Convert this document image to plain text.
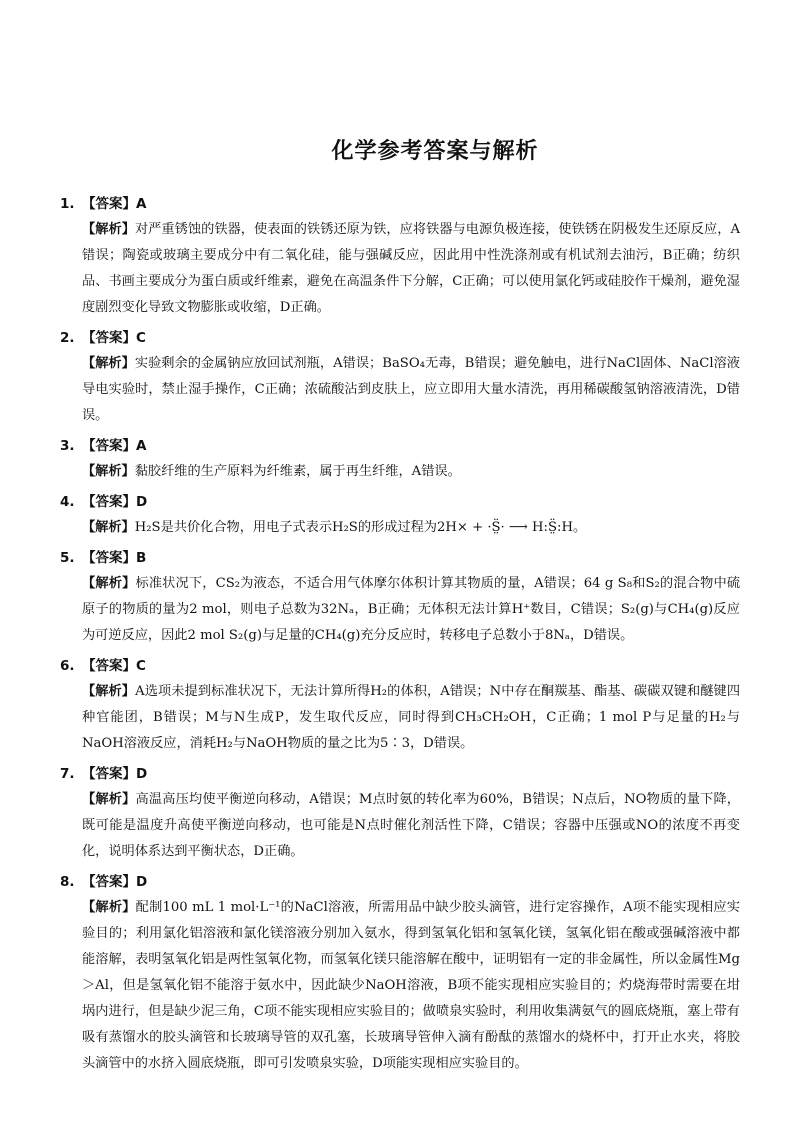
化学参考答案与解析
1. 【答案】A
【解析】对严重锈蚀的铁器，使表面的铁锈还原为铁，应将铁器与电源负极连接，使铁锈在阴极发生还原反应，A错误；陶瓷或玻璃主要成分中有二氧化硅，能与强碱反应，因此用中性洗涤剂或有机试剂去油污，B正确；纺织品、书画主要成分为蛋白质或纤维素，避免在高温条件下分解，C正确；可以使用氯化钙或硅胶作干燥剂，避免湿度剧烈变化导致文物膨胀或收缩，D正确。
2. 【答案】C
【解析】实验剩余的金属钠应放回试剂瓶，A错误；BaSO₄无毒，B错误；避免触电，进行NaCl固体、NaCl溶液导电实验时，禁止湿手操作，C正确；浓硫酸沾到皮肤上，应立即用大量水清洗，再用稀碳酸氢钠溶液清洗，D错误。
3. 【答案】A
【解析】黏胶纤维的生产原料为纤维素，属于再生纤维，A错误。
4. 【答案】D
【解析】H₂S是共价化合物，用电子式表示H₂S的形成过程为2H× + ·S̤̈· ⟶ H:S̤̈:H。
5. 【答案】B
【解析】标准状况下，CS₂为液态，不适合用气体摩尔体积计算其物质的量，A错误；64 g S₈和S₂的混合物中硫原子的物质的量为2 mol，则电子总数为32Nₐ，B正确；无体积无法计算H⁺数目，C错误；S₂(g)与CH₄(g)反应为可逆反应，因此2 mol S₂(g)与足量的CH₄(g)充分反应时，转移电子总数小于8Nₐ，D错误。
6. 【答案】C
【解析】A选项未提到标准状况下，无法计算所得H₂的体积，A错误；N中存在酮羰基、酯基、碳碳双键和醚键四种官能团，B错误；M与N生成P，发生取代反应，同时得到CH₃CH₂OH，C正确；1 mol P与足量的H₂与NaOH溶液反应，消耗H₂与NaOH物质的量之比为5∶3，D错误。
7. 【答案】D
【解析】高温高压均使平衡逆向移动，A错误；M点时氨的转化率为60%，B错误；N点后，NO物质的量下降，既可能是温度升高使平衡逆向移动，也可能是N点时催化剂活性下降，C错误；容器中压强或NO的浓度不再变化，说明体系达到平衡状态，D正确。
8. 【答案】D
【解析】配制100 mL 1 mol·L⁻¹的NaCl溶液，所需用品中缺少胶头滴管，进行定容操作，A项不能实现相应实验目的；利用氯化铝溶液和氯化镁溶液分别加入氨水，得到氢氧化铝和氢氧化镁，氢氧化铝在酸或强碱溶液中都能溶解，表明氢氧化铝是两性氢氧化物，而氢氧化镁只能溶解在酸中，证明铝有一定的非金属性，所以金属性Mg＞Al，但是氢氧化铝不能溶于氨水中，因此缺少NaOH溶液，B项不能实现相应实验目的；灼烧海带时需要在坩埚内进行，但是缺少泥三角，C项不能实现相应实验目的；做喷泉实验时，利用收集满氨气的圆底烧瓶，塞上带有吸有蒸馏水的胶头滴管和长玻璃导管的双孔塞，长玻璃导管伸入滴有酚酞的蒸馏水的烧杯中，打开止水夹，将胶头滴管中的水挤入圆底烧瓶，即可引发喷泉实验，D项能实现相应实验目的。
